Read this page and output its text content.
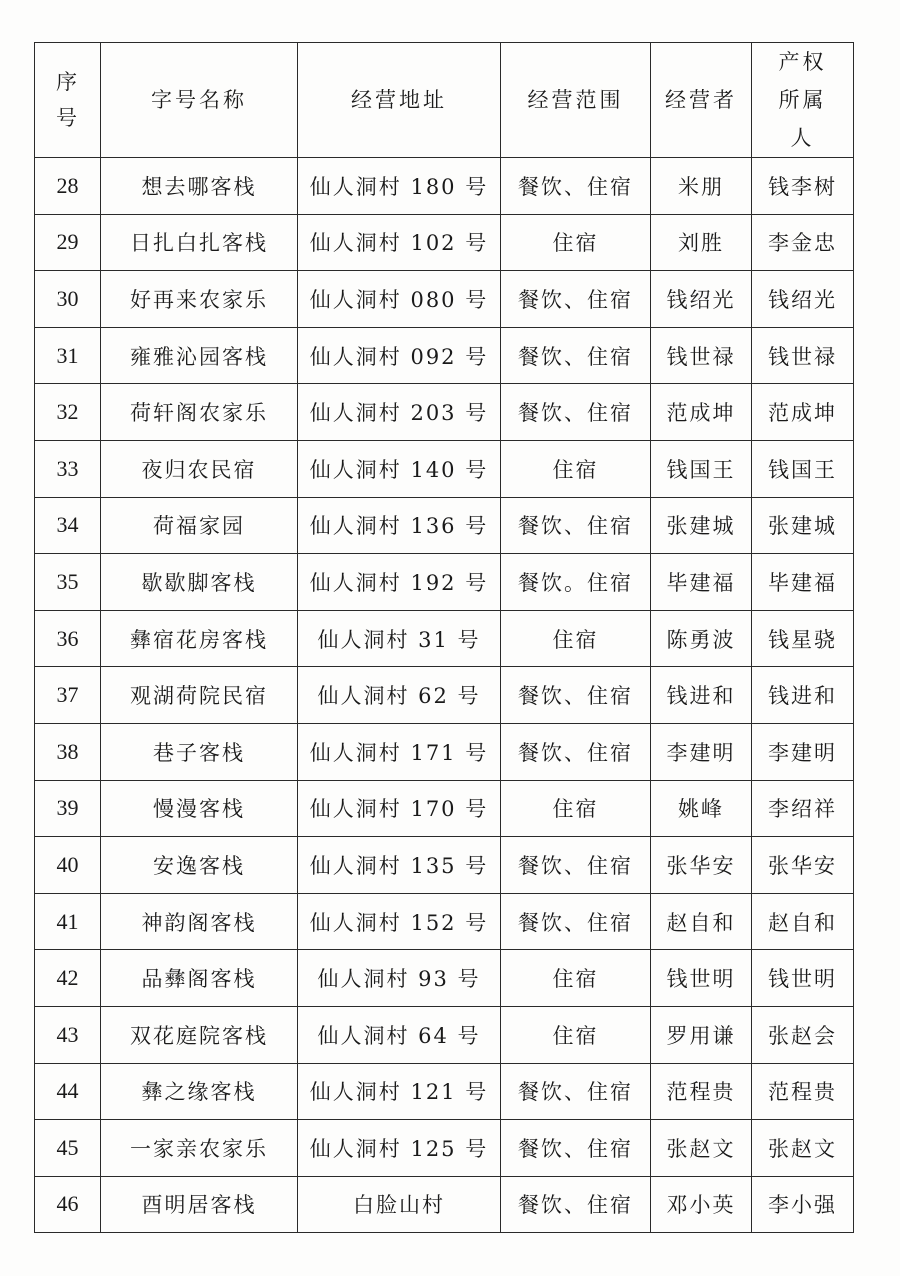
序号	字号名称	经营地址	经营范围	经营者	产权所属人

28	想去哪客栈	仙人洞村 180 号	餐饮、住宿	米朋	钱李树
29	日扎白扎客栈	仙人洞村 102 号	住宿	刘胜	李金忠
30	好再来农家乐	仙人洞村 080 号	餐饮、住宿	钱绍光	钱绍光
31	雍雅沁园客栈	仙人洞村 092 号	餐饮、住宿	钱世禄	钱世禄
32	荷轩阁农家乐	仙人洞村 203 号	餐饮、住宿	范成坤	范成坤
33	夜归农民宿	仙人洞村 140 号	住宿	钱国王	钱国王
34	荷福家园	仙人洞村 136 号	餐饮、住宿	张建城	张建城
35	歇歇脚客栈	仙人洞村 192 号	餐饮。住宿	毕建福	毕建福
36	彝宿花房客栈	仙人洞村 31 号	住宿	陈勇波	钱星骁
37	观湖荷院民宿	仙人洞村 62 号	餐饮、住宿	钱进和	钱进和
38	巷子客栈	仙人洞村 171 号	餐饮、住宿	李建明	李建明
39	慢漫客栈	仙人洞村 170 号	住宿	姚峰	李绍祥
40	安逸客栈	仙人洞村 135 号	餐饮、住宿	张华安	张华安
41	神韵阁客栈	仙人洞村 152 号	餐饮、住宿	赵自和	赵自和
42	品彝阁客栈	仙人洞村 93 号	住宿	钱世明	钱世明
43	双花庭院客栈	仙人洞村 64 号	住宿	罗用谦	张赵会
44	彝之缘客栈	仙人洞村 121 号	餐饮、住宿	范程贵	范程贵
45	一家亲农家乐	仙人洞村 125 号	餐饮、住宿	张赵文	张赵文
46	酉明居客栈	白脸山村	餐饮、住宿	邓小英	李小强
